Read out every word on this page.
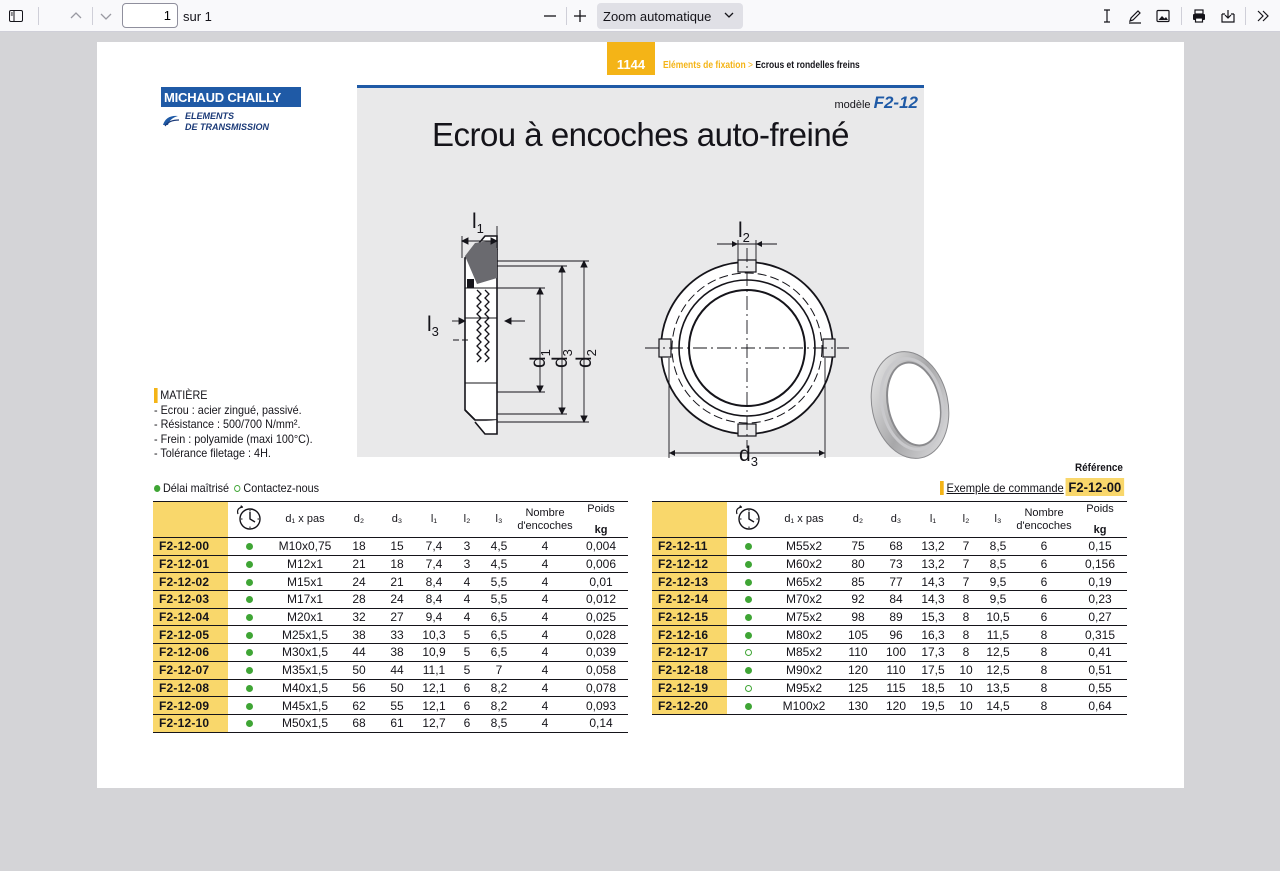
1
sur 1	Zoom automatique
1144	Eléments de fixation > Ecrous et rondelles freins
MICHAUD CHAILLY
ELEMENTS
DE TRANSMISSION
modèle F2-12
Ecrou à encoches auto-freiné
$l_1$
$l_3$
$d_1$
$d_3$
$d_2$
$l_2$
$d_3$
MATIÈRE
- Ecrou : acier zingué, passivé.
- Résistance : 500/700 N/mm².
- Frein : polyamide (maxi 100°C).
- Tolérance filetage : 4H.
Délai maîtrisé Contactez-nous
Référence
Exemple de commande F2-12-00
		d₁ x pas	d₂	d₃	l₁	l₂	l₃	Nombre d'encoches	Poids
kg

F2-12-00		M10x0,75	18	15	7,4	3	4,5	4	0,004
F2-12-01		M12x1	21	18	7,4	3	4,5	4	0,006
F2-12-02		M15x1	24	21	8,4	4	5,5	4	0,01
F2-12-03		M17x1	28	24	8,4	4	5,5	4	0,012
F2-12-04		M20x1	32	27	9,4	4	6,5	4	0,025
F2-12-05		M25x1,5	38	33	10,3	5	6,5	4	0,028
F2-12-06		M30x1,5	44	38	10,9	5	6,5	4	0,039
F2-12-07		M35x1,5	50	44	11,1	5	7	4	0,058
F2-12-08		M40x1,5	56	50	12,1	6	8,2	4	0,078
F2-12-09		M45x1,5	62	55	12,1	6	8,2	4	0,093
F2-12-10		M50x1,5	68	61	12,7	6	8,5	4	0,14
		d₁ x pas	d₂	d₃	l₁	l₂	l₃	Nombre d'encoches	Poids
kg

F2-12-11		M55x2	75	68	13,2	7	8,5	6	0,15
F2-12-12		M60x2	80	73	13,2	7	8,5	6	0,156
F2-12-13		M65x2	85	77	14,3	7	9,5	6	0,19
F2-12-14		M70x2	92	84	14,3	8	9,5	6	0,23
F2-12-15		M75x2	98	89	15,3	8	10,5	6	0,27
F2-12-16		M80x2	105	96	16,3	8	11,5	8	0,315
F2-12-17		M85x2	110	100	17,3	8	12,5	8	0,41
F2-12-18		M90x2	120	110	17,5	10	12,5	8	0,51
F2-12-19		M95x2	125	115	18,5	10	13,5	8	0,55
F2-12-20		M100x2	130	120	19,5	10	14,5	8	0,64
